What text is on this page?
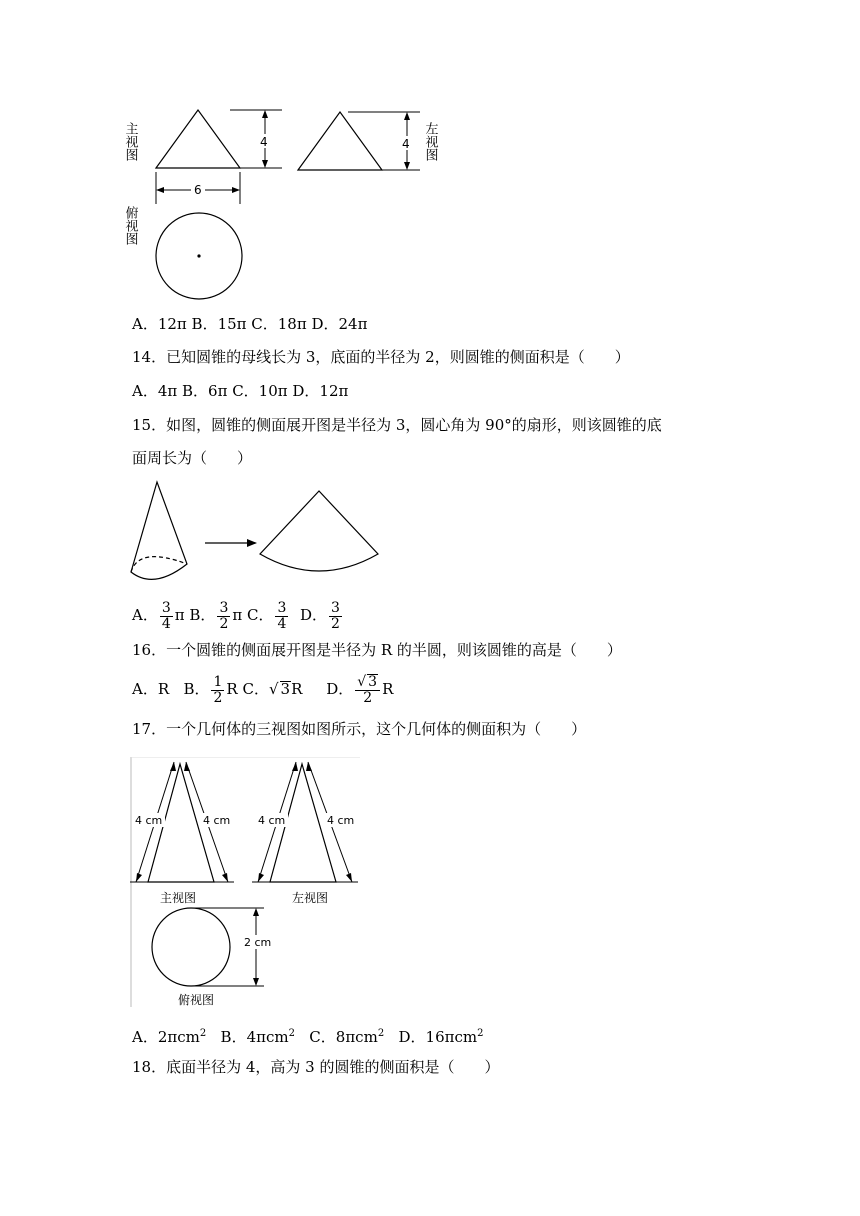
主视图	4
6
4 左视图
俯视图
A．12π B．15π C．18π D．24π
14．已知圆锥的母线长为 3，底面的半径为 2，则圆锥的侧面积是（　　）
A．4π B．6π C．10π D．12π
15．如图，圆锥的侧面展开图是半径为 3，圆心角为 90°的扇形，则该圆锥的底
面周长为（　　）
A． $\frac{3}{4}$ π B． $\frac{3}{2}$ π C． $\frac{3}{4}$ D． $\frac{3}{2}$
16．一个圆锥的侧面展开图是半径为 R 的半圆，则该圆锥的高是（　　）
A．R B． $\frac{1}{2}$ R C．√ 3R D． $\frac{√ 3}{2}$ R
17．一个几何体的三视图如图所示，这个几何体的侧面积为（　　）
4 cm	4 cm
主视图
4 cm	4 cm
左视图
2 cm
俯视图
A．2πcm$^2$ B．4πcm$^2$ C．8πcm$^2$ D．16πcm$^2$
18．底面半径为 4，高为 3 的圆锥的侧面积是（　　）
